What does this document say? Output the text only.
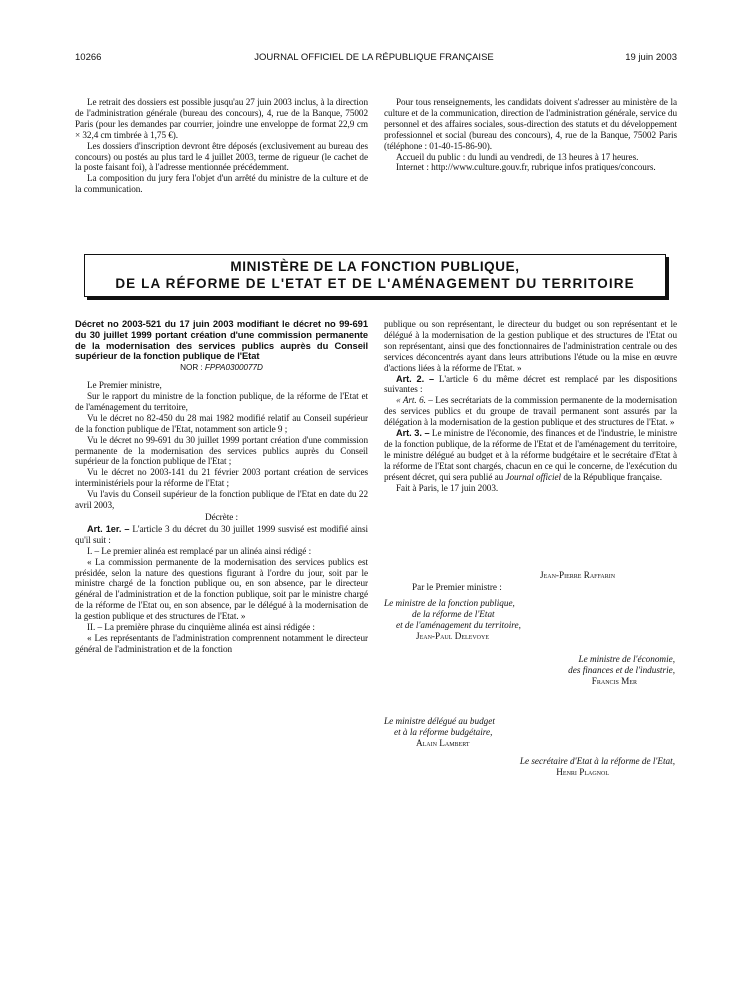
10266	JOURNAL OFFICIEL DE LA RÉPUBLIQUE FRANÇAISE	19 juin 2003

Le retrait des dossiers est possible jusqu'au 27 juin 2003 inclus, à la direction de l'administration générale (bureau des concours), 4, rue de la Banque, 75002 Paris (pour les demandes par courrier, joindre une enveloppe de format 22,9 cm × 32,4 cm timbrée à 1,75 €).

Les dossiers d'inscription devront être déposés (exclusivement au bureau des concours) ou postés au plus tard le 4 juillet 2003, terme de rigueur (le cachet de la poste faisant foi), à l'adresse mentionnée précédemment.

La composition du jury fera l'objet d'un arrêté du ministre de la culture et de la communication.

Pour tous renseignements, les candidats doivent s'adresser au ministère de la culture et de la communication, direction de l'administration générale, service du personnel et des affaires sociales, sous-direction des statuts et du développement professionnel et social (bureau des concours), 4, rue de la Banque, 75002 Paris (téléphone : 01-40-15-86-90).

Accueil du public : du lundi au vendredi, de 13 heures à 17 heures.

Internet : http://www.culture.gouv.fr, rubrique infos pratiques/concours.

MINISTÈRE DE LA FONCTION PUBLIQUE,
DE LA RÉFORME DE L'ETAT ET DE L'AMÉNAGEMENT DU TERRITOIRE

Décret no 2003-521 du 17 juin 2003 modifiant le décret no 99-691 du 30 juillet 1999 portant création d'une commission permanente de la modernisation des services publics auprès du Conseil supérieur de la fonction publique de l'Etat

NOR : FPPA0300077D

Le Premier ministre,

Sur le rapport du ministre de la fonction publique, de la réforme de l'Etat et de l'aménagement du territoire,

Vu le décret no 82-450 du 28 mai 1982 modifié relatif au Conseil supérieur de la fonction publique de l'Etat, notamment son article 9 ;

Vu le décret no 99-691 du 30 juillet 1999 portant création d'une commission permanente de la modernisation des services publics auprès du Conseil supérieur de la fonction publique de l'Etat ;

Vu le décret no 2003-141 du 21 février 2003 portant création de services interministériels pour la réforme de l'Etat ;

Vu l'avis du Conseil supérieur de la fonction publique de l'Etat en date du 22 avril 2003,

Décrète :

Art. 1er. – L'article 3 du décret du 30 juillet 1999 susvisé est modifié ainsi qu'il suit :

I. – Le premier alinéa est remplacé par un alinéa ainsi rédigé :

« La commission permanente de la modernisation des services publics est présidée, selon la nature des questions figurant à l'ordre du jour, soit par le ministre chargé de la fonction publique ou, en son absence, par le directeur général de l'administration et de la fonction publique, soit par le ministre chargé de la réforme de l'Etat ou, en son absence, par le délégué à la modernisation de la gestion publique et des structures de l'Etat. »

II. – La première phrase du cinquième alinéa est ainsi rédigée :

« Les représentants de l'administration comprennent notamment le directeur général de l'administration et de la fonction

publique ou son représentant, le directeur du budget ou son représentant et le délégué à la modernisation de la gestion publique et des structures de l'Etat ou son représentant, ainsi que des fonctionnaires de l'administration centrale ou des services déconcentrés ayant dans leurs attributions l'étude ou la mise en œuvre d'actions liées à la réforme de l'Etat. »

Art. 2. – L'article 6 du même décret est remplacé par les dispositions suivantes :

« Art. 6. – Les secrétariats de la commission permanente de la modernisation des services publics et du groupe de travail permanent sont assurés par la délégation à la modernisation de la gestion publique et des structures de l'Etat. »

Art. 3. – Le ministre de l'économie, des finances et de l'industrie, le ministre de la fonction publique, de la réforme de l'Etat et de l'aménagement du territoire, le ministre délégué au budget et à la réforme budgétaire et le secrétaire d'Etat à la réforme de l'Etat sont chargés, chacun en ce qui le concerne, de l'exécution du présent décret, qui sera publié au Journal officiel de la République française.

Fait à Paris, le 17 juin 2003.

Jean-Pierre Raffarin
Par le Premier ministre :
Le ministre de la fonction publique,
de la réforme de l'Etat
et de l'aménagement du territoire,
Jean-Paul Delevoye
Le ministre de l'économie,
des finances et de l'industrie,
Francis Mer
Le ministre délégué au budget
et à la réforme budgétaire,
Alain Lambert
Le secrétaire d'Etat à la réforme de l'Etat,
Henri Plagnol
